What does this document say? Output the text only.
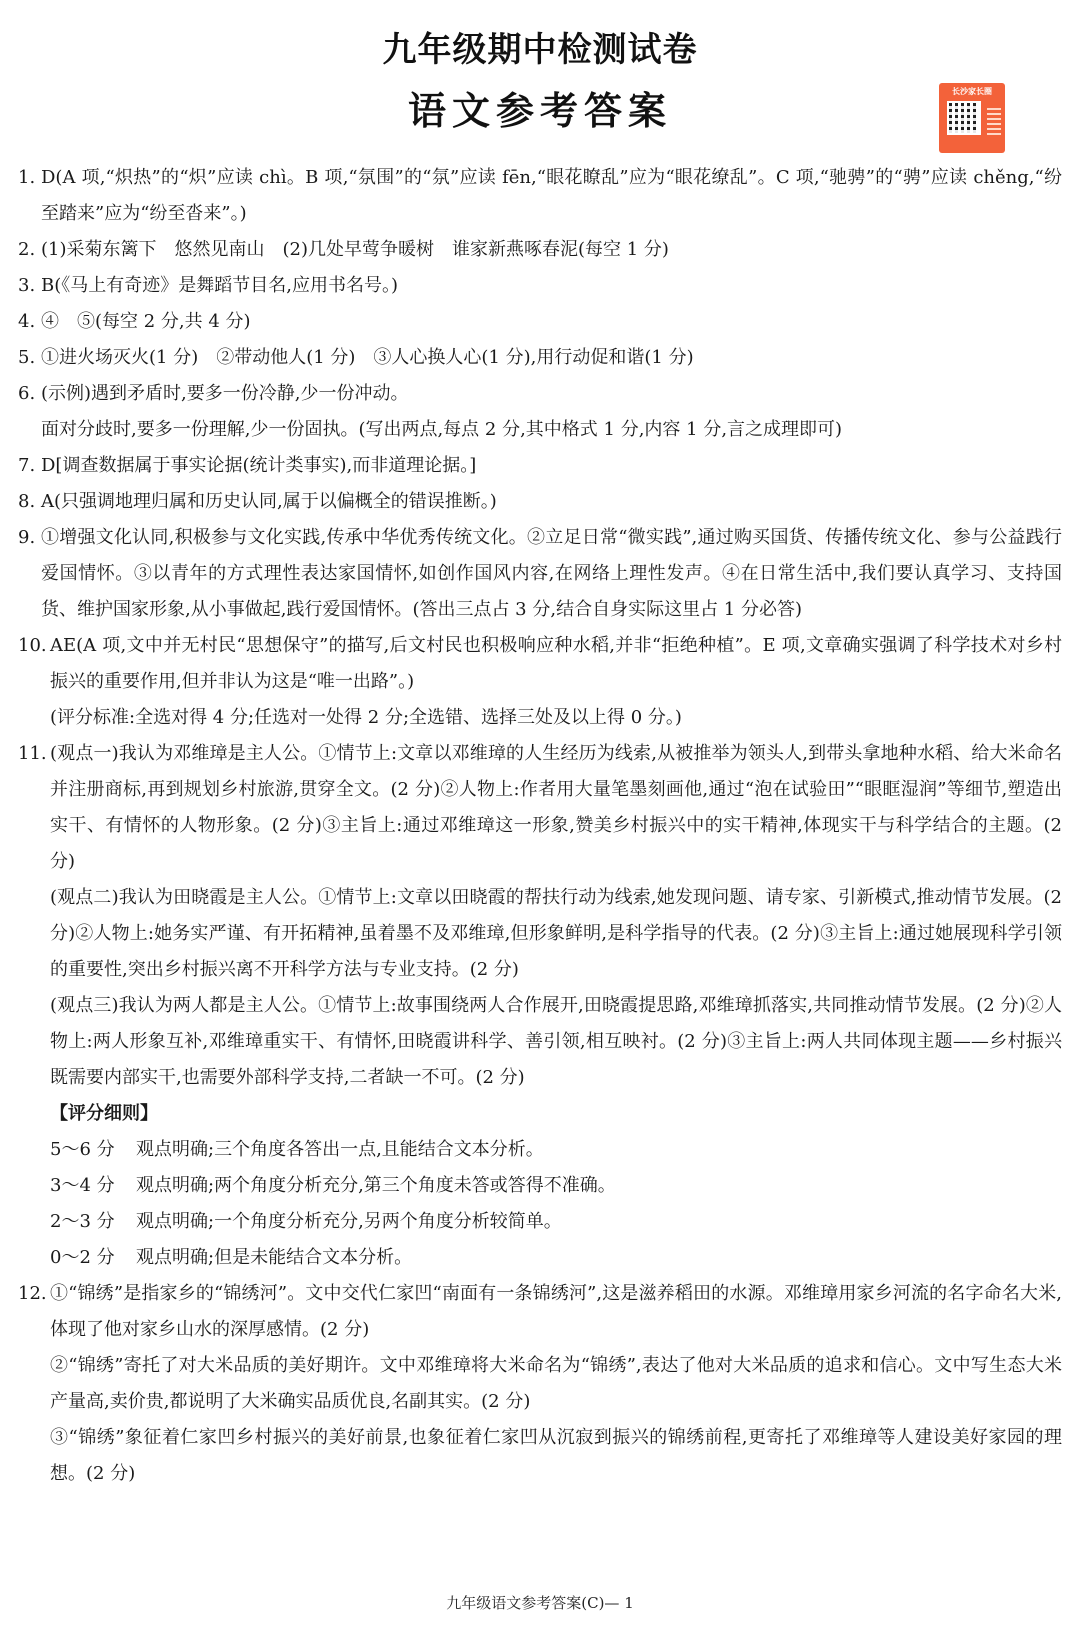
九年级期中检测试卷
语文参考答案	长沙家长圈
1. D(A 项,“炽热”的“炽”应读 chì。B 项,“氛围”的“氛”应读 fēn,“眼花瞭乱”应为“眼花缭乱”。C 项,“驰骋”的“骋”应读 chěng,“纷至踏来”应为“纷至沓来”。)

2. (1)采菊东篱下　悠然见南山　(2)几处早莺争暖树　谁家新燕啄春泥(每空 1 分)

3. B(《马上有奇迹》是舞蹈节目名,应用书名号。)

4. ④　⑤(每空 2 分,共 4 分)

5. ①进火场灭火(1 分)　②带动他人(1 分)　③人心换人心(1 分),用行动促和谐(1 分)

6. (示例)遇到矛盾时,要多一份冷静,少一份冲动。

面对分歧时,要多一份理解,少一份固执。(写出两点,每点 2 分,其中格式 1 分,内容 1 分,言之成理即可)

7. D[调查数据属于事实论据(统计类事实),而非道理论据。]

8. A(只强调地理归属和历史认同,属于以偏概全的错误推断。)

9. ①增强文化认同,积极参与文化实践,传承中华优秀传统文化。②立足日常“微实践”,通过购买国货、传播传统文化、参与公益践行爱国情怀。③以青年的方式理性表达家国情怀,如创作国风内容,在网络上理性发声。④在日常生活中,我们要认真学习、支持国货、维护国家形象,从小事做起,践行爱国情怀。(答出三点占 3 分,结合自身实际这里占 1 分必答)

10. AE(A 项,文中并无村民“思想保守”的描写,后文村民也积极响应种水稻,并非“拒绝种植”。E 项,文章确实强调了科学技术对乡村振兴的重要作用,但并非认为这是“唯一出路”。)

(评分标准:全选对得 4 分;任选对一处得 2 分;全选错、选择三处及以上得 0 分。)

11. (观点一)我认为邓维璋是主人公。①情节上:文章以邓维璋的人生经历为线索,从被推举为领头人,到带头拿地种水稻、给大米命名并注册商标,再到规划乡村旅游,贯穿全文。(2 分)②人物上:作者用大量笔墨刻画他,通过“泡在试验田”“眼眶湿润”等细节,塑造出实干、有情怀的人物形象。(2 分)③主旨上:通过邓维璋这一形象,赞美乡村振兴中的实干精神,体现实干与科学结合的主题。(2 分)

(观点二)我认为田晓霞是主人公。①情节上:文章以田晓霞的帮扶行动为线索,她发现问题、请专家、引新模式,推动情节发展。(2 分)②人物上:她务实严谨、有开拓精神,虽着墨不及邓维璋,但形象鲜明,是科学指导的代表。(2 分)③主旨上:通过她展现科学引领的重要性,突出乡村振兴离不开科学方法与专业支持。(2 分)

(观点三)我认为两人都是主人公。①情节上:故事围绕两人合作展开,田晓霞提思路,邓维璋抓落实,共同推动情节发展。(2 分)②人物上:两人形象互补,邓维璋重实干、有情怀,田晓霞讲科学、善引领,相互映衬。(2 分)③主旨上:两人共同体现主题——乡村振兴既需要内部实干,也需要外部科学支持,二者缺一不可。(2 分)

【评分细则】

5～6 分 观点明确;三个角度各答出一点,且能结合文本分析。

3～4 分 观点明确;两个角度分析充分,第三个角度未答或答得不准确。

2～3 分 观点明确;一个角度分析充分,另两个角度分析较简单。

0～2 分 观点明确;但是未能结合文本分析。

12. ①“锦绣”是指家乡的“锦绣河”。文中交代仁家凹“南面有一条锦绣河”,这是滋养稻田的水源。邓维璋用家乡河流的名字命名大米,体现了他对家乡山水的深厚感情。(2 分)

②“锦绣”寄托了对大米品质的美好期许。文中邓维璋将大米命名为“锦绣”,表达了他对大米品质的追求和信心。文中写生态大米产量高,卖价贵,都说明了大米确实品质优良,名副其实。(2 分)

③“锦绣”象征着仁家凹乡村振兴的美好前景,也象征着仁家凹从沉寂到振兴的锦绣前程,更寄托了邓维璋等人建设美好家园的理想。(2 分)

九年级语文参考答案(C)— 1
